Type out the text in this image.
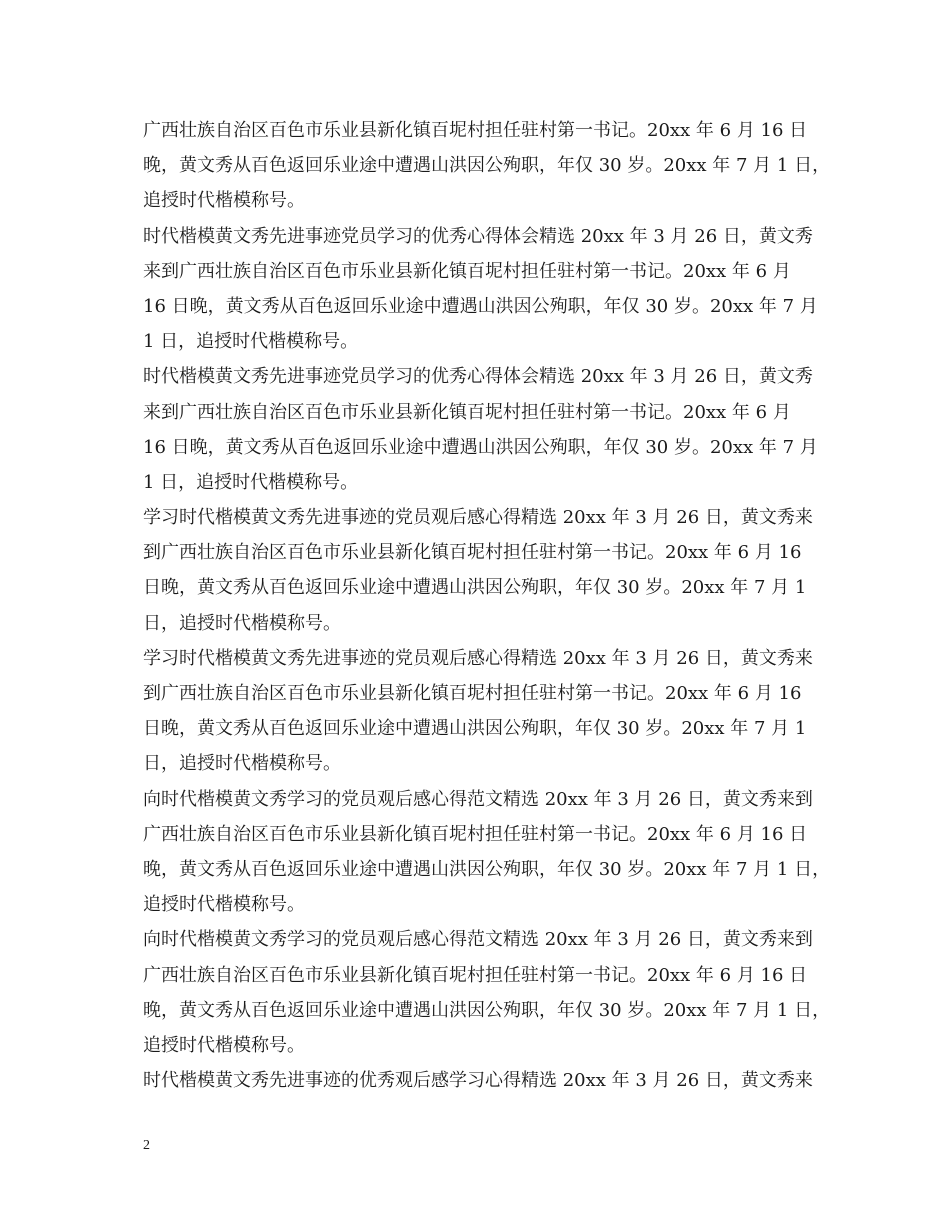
广西壮族自治区百色市乐业县新化镇百坭村担任驻村第一书记。20xx 年 6 月 16 日
晚，黄文秀从百色返回乐业途中遭遇山洪因公殉职，年仅 30 岁。20xx 年 7 月 1 日，
追授时代楷模称号。
时代楷模黄文秀先进事迹党员学习的优秀心得体会精选 20xx 年 3 月 26 日，黄文秀
来到广西壮族自治区百色市乐业县新化镇百坭村担任驻村第一书记。20xx 年 6 月
16 日晚，黄文秀从百色返回乐业途中遭遇山洪因公殉职，年仅 30 岁。20xx 年 7 月
1 日，追授时代楷模称号。
时代楷模黄文秀先进事迹党员学习的优秀心得体会精选 20xx 年 3 月 26 日，黄文秀
来到广西壮族自治区百色市乐业县新化镇百坭村担任驻村第一书记。20xx 年 6 月
16 日晚，黄文秀从百色返回乐业途中遭遇山洪因公殉职，年仅 30 岁。20xx 年 7 月
1 日，追授时代楷模称号。
学习时代楷模黄文秀先进事迹的党员观后感心得精选 20xx 年 3 月 26 日，黄文秀来
到广西壮族自治区百色市乐业县新化镇百坭村担任驻村第一书记。20xx 年 6 月 16
日晚，黄文秀从百色返回乐业途中遭遇山洪因公殉职，年仅 30 岁。20xx 年 7 月 1
日，追授时代楷模称号。
学习时代楷模黄文秀先进事迹的党员观后感心得精选 20xx 年 3 月 26 日，黄文秀来
到广西壮族自治区百色市乐业县新化镇百坭村担任驻村第一书记。20xx 年 6 月 16
日晚，黄文秀从百色返回乐业途中遭遇山洪因公殉职，年仅 30 岁。20xx 年 7 月 1
日，追授时代楷模称号。
向时代楷模黄文秀学习的党员观后感心得范文精选 20xx 年 3 月 26 日，黄文秀来到
广西壮族自治区百色市乐业县新化镇百坭村担任驻村第一书记。20xx 年 6 月 16 日
晚，黄文秀从百色返回乐业途中遭遇山洪因公殉职，年仅 30 岁。20xx 年 7 月 1 日，
追授时代楷模称号。
向时代楷模黄文秀学习的党员观后感心得范文精选 20xx 年 3 月 26 日，黄文秀来到
广西壮族自治区百色市乐业县新化镇百坭村担任驻村第一书记。20xx 年 6 月 16 日
晚，黄文秀从百色返回乐业途中遭遇山洪因公殉职，年仅 30 岁。20xx 年 7 月 1 日，
追授时代楷模称号。
时代楷模黄文秀先进事迹的优秀观后感学习心得精选 20xx 年 3 月 26 日，黄文秀来
2
